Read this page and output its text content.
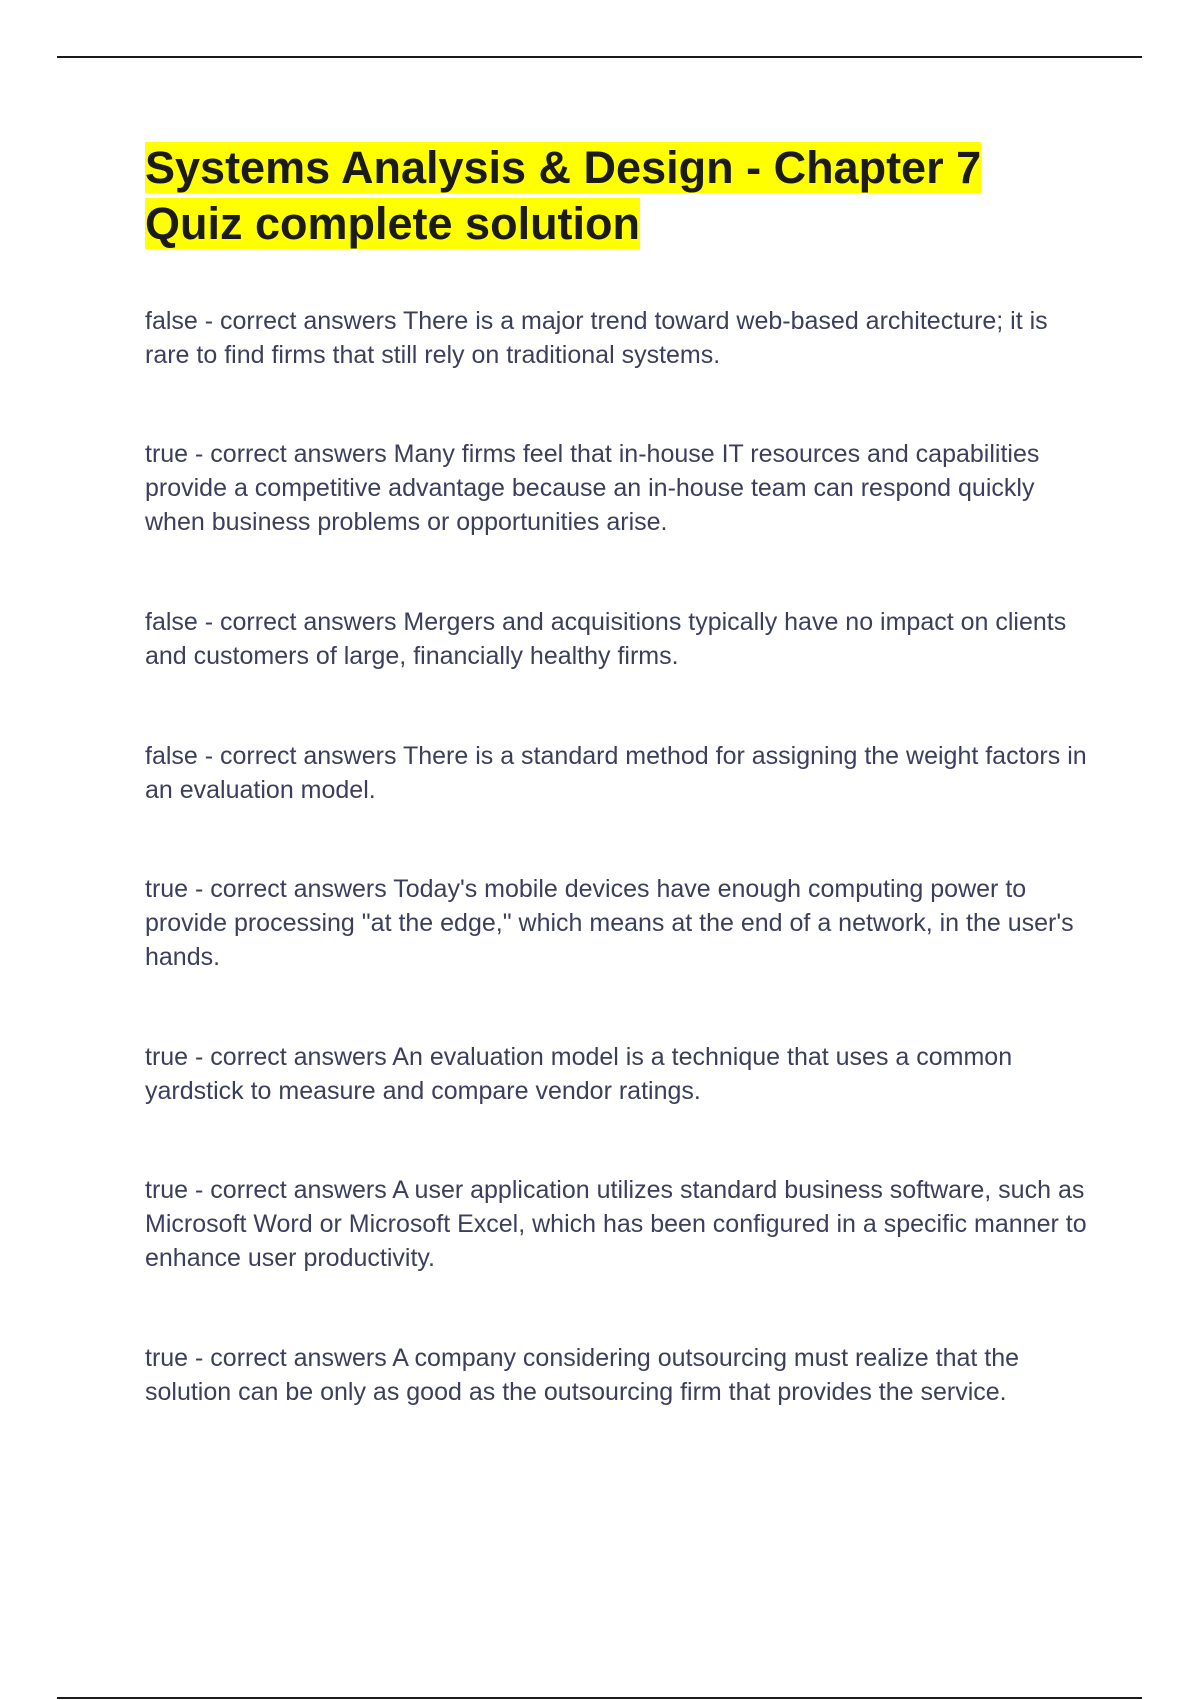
Systems Analysis & Design - Chapter 7 Quiz complete solution
false - correct answers There is a major trend toward web-based architecture; it is rare to find firms that still rely on traditional systems.
true - correct answers Many firms feel that in-house IT resources and capabilities provide a competitive advantage because an in-house team can respond quickly when business problems or opportunities arise.
false - correct answers Mergers and acquisitions typically have no impact on clients and customers of large, financially healthy firms.
false - correct answers There is a standard method for assigning the weight factors in an evaluation model.
true - correct answers Today's mobile devices have enough computing power to provide processing "at the edge," which means at the end of a network, in the user's hands.
true - correct answers An evaluation model is a technique that uses a common yardstick to measure and compare vendor ratings.
true - correct answers A user application utilizes standard business software, such as Microsoft Word or Microsoft Excel, which has been configured in a specific manner to enhance user productivity.
true - correct answers A company considering outsourcing must realize that the solution can be only as good as the outsourcing firm that provides the service.
